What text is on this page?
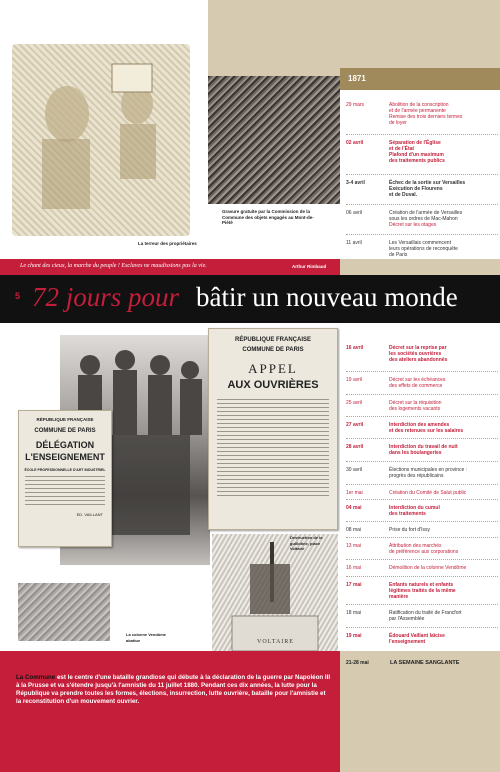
1871
La terreur des propriétaires
Gravure gratuite par la Commission de la Commune des objets engagés au Mont-de-Piété
29 mars	Abolition de la conscription
et de l'armée permanente
Remise des trois derniers termes
de loyer
02 avril	Séparation de l'Église
et de l'État
Plafond d'un maximum
des traitements publics
3-4 avril	Échec de la sortie sur Versailles
Exécution de Flourens
et de Duval.
06 avril	Création de l'armée de Versailles
sous les ordres de Mac-Mahon
Décret sur les otages
11 avril	Les Versaillais commencent
leurs opérations de reconquête
de Paris
Le chant des cieux, la marche du peuple ! Esclaves ne maudissions pas la vie.	Arthur Rimbaud
5 72 jours pour bâtir un nouveau monde
RÉPUBLIQUE FRANÇAISE
COMMUNE DE PARIS
APPEL
AUX OUVRIÈRES
RÉPUBLIQUE FRANÇAISE
COMMUNE DE PARIS
DÉLÉGATION
L'ENSEIGNEMENT
ÉCOLE PROFESSIONNELLE D'ART INDUSTRIEL
ED. VAILLANT
La colonne Vendôme abattue	VOLTAIRE
Destruction de la guillotine, place Voltaire
16 avril	Décret sur la reprise par
les sociétés ouvrières
des ateliers abandonnés
19 avril	Décret sur les échéances
des effets de commerce
25 avril	Décret sur la réquisition
des logements vacants
27 avril	Interdiction des amendes
et des retenues sur les salaires
28 avril	Interdiction du travail de nuit
dans les boulangeries
30 avril	Élections municipales en province :
progrès des républicains
1er mai	Création du Comité de Salut public
04 mai	Interdiction du cumul
des traitements
08 mai	Prise du fort d'Issy
13 mai	Attribution des marchés
de préférence aux corporations
16 mai	Démolition de la colonne Vendôme
17 mai	Enfants naturels et enfants
légitimes traités de la même
manière
18 mai	Ratification du traité de Francfort
par l'Assemblée
19 mai	Édouard Vaillant laïcise
l'enseignement
21-28 mai	LA SEMAINE SANGLANTE
La Commune est le centre d'une bataille grandiose qui débute à la déclaration de la guerre par Napoléon III à la Prusse et va s'étendre jusqu'à l'amnistie du 11 juillet 1880. Pendant ces dix années, la lutte pour la République va prendre toutes les formes, élections, insurrection, lutte ouvrière, bataille pour l'amnistie et la reconstitution d'un mouvement ouvrier.
